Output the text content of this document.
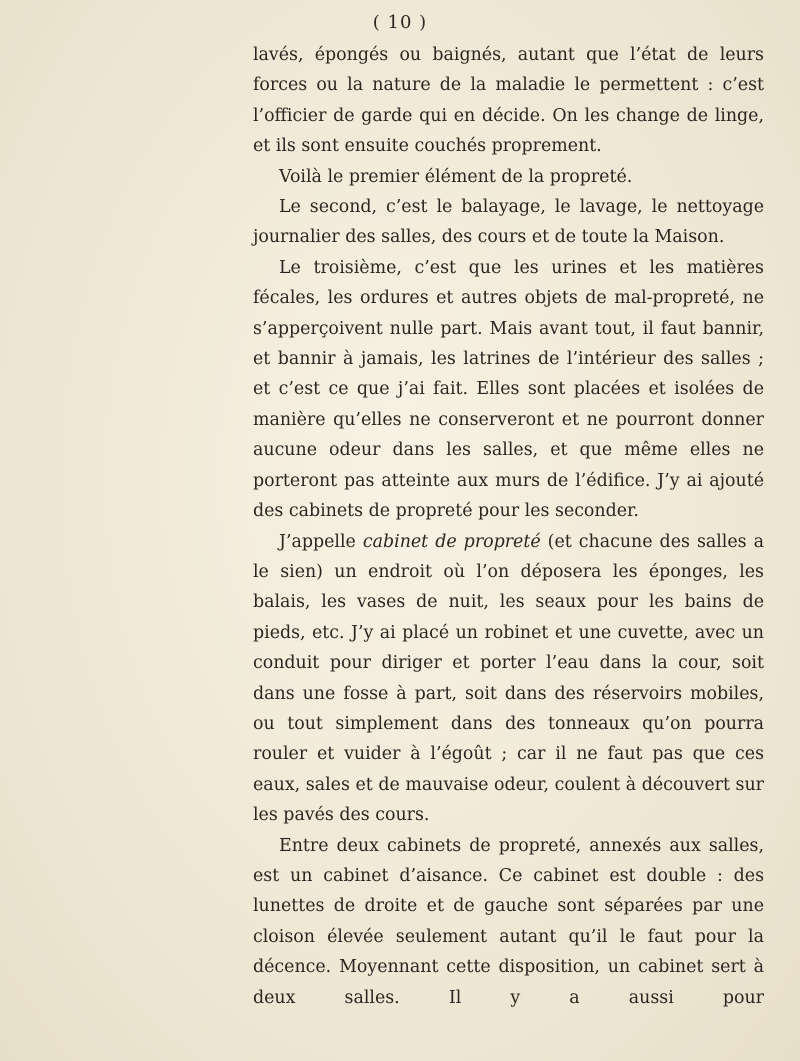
( 10 )

lavés, épongés ou baignés, autant que l’état de leurs forces ou la nature de la maladie le permettent : c’est l’officier de garde qui en décide. On les change de linge, et ils sont ensuite couchés proprement.

Voilà le premier élément de la propreté.

Le second, c’est le balayage, le lavage, le nettoyage journalier des salles, des cours et de toute la Maison.

Le troisième, c’est que les urines et les matières fécales, les ordures et autres objets de mal-propreté, ne s’apperçoivent nulle part. Mais avant tout, il faut bannir, et bannir à jamais, les latrines de l’intérieur des salles ; et c’est ce que j’ai fait. Elles sont placées et isolées de manière qu’elles ne conserveront et ne pourront donner aucune odeur dans les salles, et que même elles ne porteront pas atteinte aux murs de l’édifice. J’y ai ajouté des cabinets de propreté pour les seconder.

J’appelle cabinet de propreté (et chacune des salles a le sien) un endroit où l’on déposera les éponges, les balais, les vases de nuit, les seaux pour les bains de pieds, etc. J’y ai placé un robinet et une cuvette, avec un conduit pour diriger et porter l’eau dans la cour, soit dans une fosse à part, soit dans des réservoirs mobiles, ou tout simplement dans des tonneaux qu’on pourra rouler et vuider à l’égoût ; car il ne faut pas que ces eaux, sales et de mauvaise odeur, coulent à découvert sur les pavés des cours.

Entre deux cabinets de propreté, annexés aux salles, est un cabinet d’aisance. Ce cabinet est double : des lunettes de droite et de gauche sont séparées par une cloison élevée seulement autant qu’il le faut pour la décence. Moyennant cette disposition, un cabinet sert à deux salles. Il y a aussi pour
